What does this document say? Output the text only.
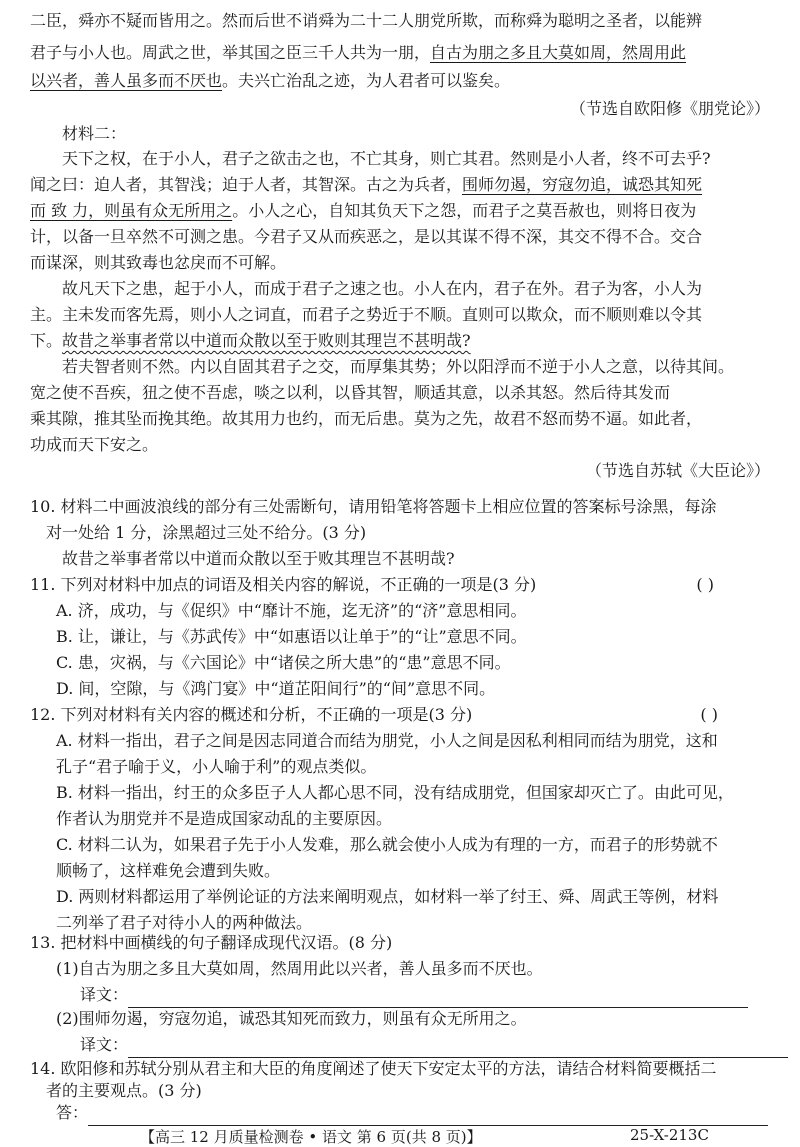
二臣，舜亦不疑而皆用之。然而后世不诮舜为二十二人朋党所欺，而称舜为聪明之圣者，以能辨

君子与小人也。周武之世，举其国之臣三千人共为一朋，自古为朋之多且大莫如周，然周用此

以兴者，善人虽多而不厌也。夫兴亡治乱之迹，为人君者可以鉴矣。

（节选自欧阳修《朋党论》）

材料二：

天下之权，在于小人，君子之欲击之也，不亡其身，则亡其君。然则是小人者，终不可去乎?

闻之曰：迫人者，其智浅；迫于人者，其智深。古之为兵者，围师勿遏，穷寇勿追，诚恐其知死

而 致 力，则虽有众无所用之。小人之心，自知其负天下之怨，而君子之莫吾赦也，则将日夜为

计，以备一旦卒然不可测之患。今君子又从而疾恶之，是以其谋不得不深，其交不得不合。交合

而谋深，则其致毒也忿戾而不可解。

故凡天下之患，起于小人，而成于君子之速之也。小人在内，君子在外。君子为客，小人为

主。主未发而客先焉，则小人之词直，而君子之势近于不顺。直则可以欺众，而不顺则难以令其

下。故昔之举事者常以中道而众散以至于败则其理岂不甚明哉?

若夫智者则不然。内以自固其君子之交，而厚集其势；外以阳浮而不逆于小人之意，以待其间。

宽之使不吾疾，狃之使不吾虑，啖之以利，以昏其智，顺适其意，以杀其怒。然后待其发而

乘其隙，推其坠而挽其绝。故其用力也约，而无后患。莫为之先，故君不怒而势不逼。如此者，

功成而天下安之。

（节选自苏轼《大臣论》）

10. 材料二中画波浪线的部分有三处需断句，请用铅笔将答题卡上相应位置的答案标号涂黑，每涂

对一处给 1 分，涂黑超过三处不给分。(3 分)

故昔之举事者常以中道而众散以至于败其理岂不甚明哉?

11. 下列对材料中加点的词语及相关内容的解说，不正确的一项是(3 分)	( )

A. 济，成功，与《促织》中“靡计不施，迄无济”的“济”意思相同。

B. 让，谦让，与《苏武传》中“如惠语以让单于”的“让”意思不同。

C. 患，灾祸，与《六国论》中“诸侯之所大患”的“患”意思不同。

D. 间，空隙，与《鸿门宴》中“道芷阳间行”的“间”意思不同。

12. 下列对材料有关内容的概述和分析，不正确的一项是(3 分)	( )

A. 材料一指出，君子之间是因志同道合而结为朋党，小人之间是因私利相同而结为朋党，这和

孔子“君子喻于义，小人喻于利”的观点类似。

B. 材料一指出，纣王的众多臣子人人都心思不同，没有结成朋党，但国家却灭亡了。由此可见，

作者认为朋党并不是造成国家动乱的主要原因。

C. 材料二认为，如果君子先于小人发难，那么就会使小人成为有理的一方，而君子的形势就不

顺畅了，这样难免会遭到失败。

D. 两则材料都运用了举例论证的方法来阐明观点，如材料一举了纣王、舜、周武王等例，材料

二列举了君子对待小人的两种做法。

13. 把材料中画横线的句子翻译成现代汉语。(8 分)

(1)自古为朋之多且大莫如周，然周用此以兴者，善人虽多而不厌也。

译文：

(2)围师勿遏，穷寇勿追，诚恐其知死而致力，则虽有众无所用之。

译文：

14. 欧阳修和苏轼分别从君主和大臣的角度阐述了使天下安定太平的方法，请结合材料简要概括二

【高三 12 月质量检测卷 • 语文 第 6 页(共 8 页)】	25-X-213C

者的主要观点。(3 分)

答：
